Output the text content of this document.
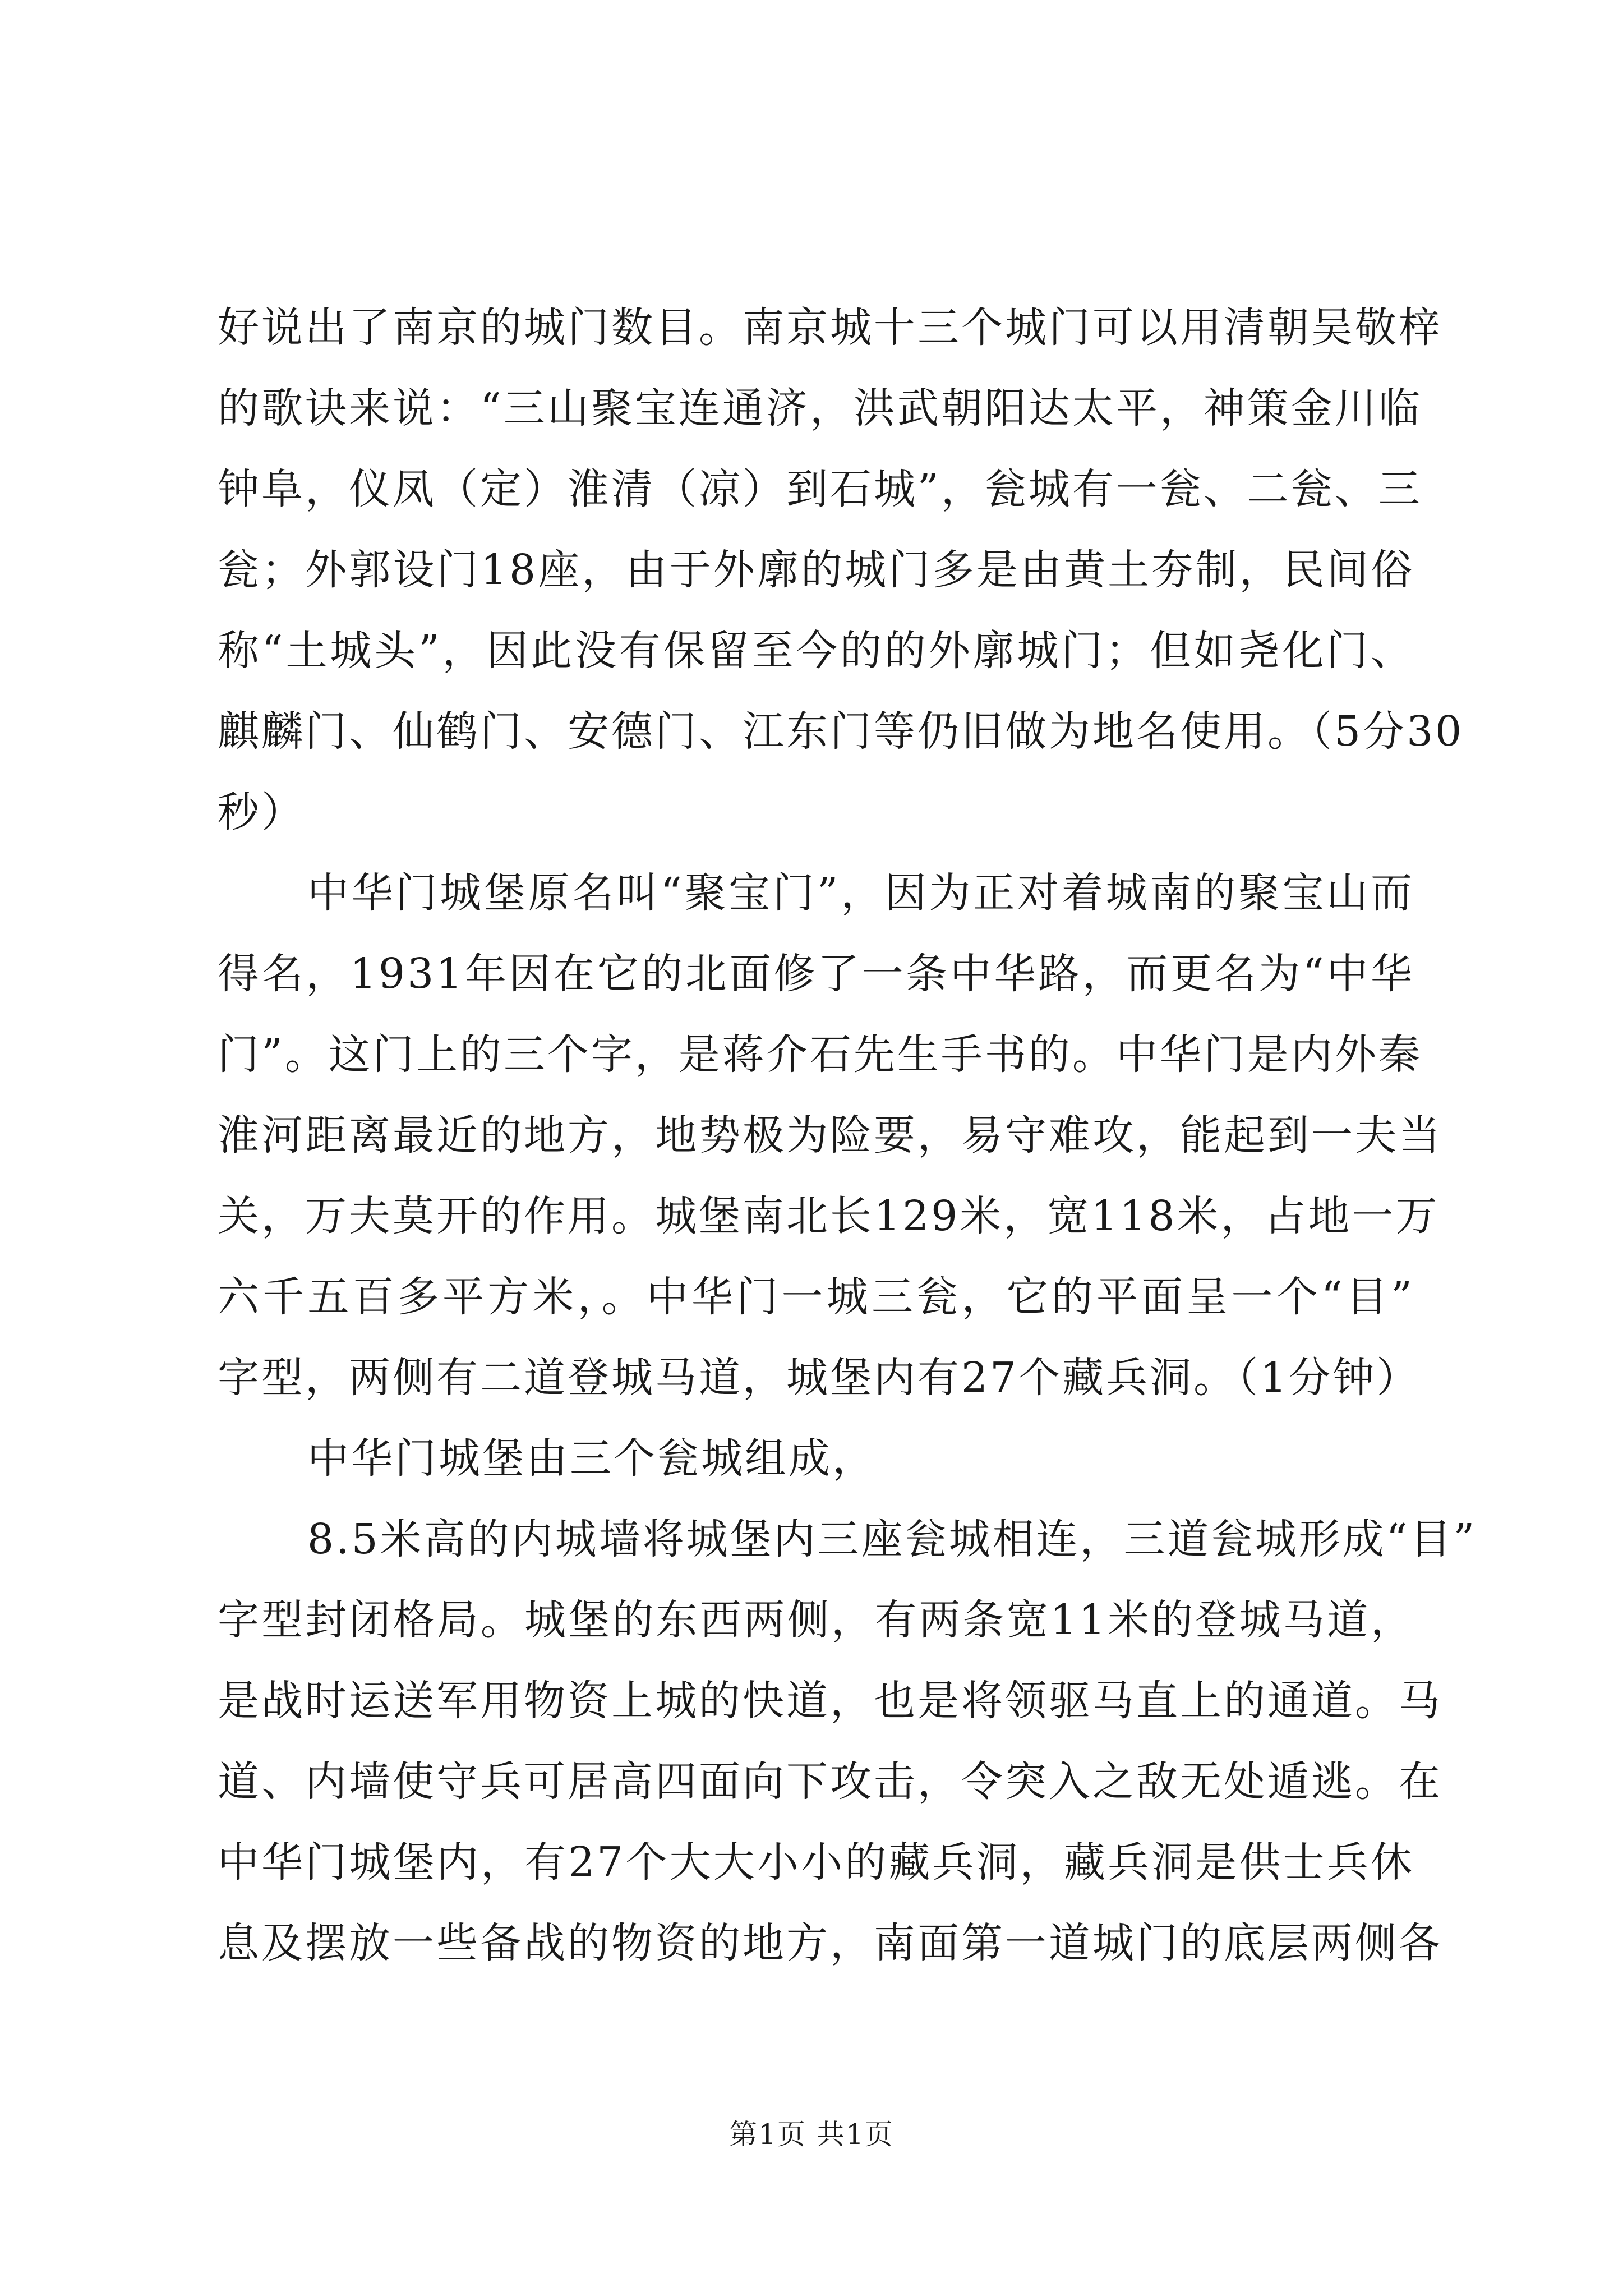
好说出了南京的城门数目。南京城十三个城门可以用清朝吴敬梓
的歌诀来说：“三山聚宝连通济，洪武朝阳达太平，神策金川临
钟阜，仪凤（定）淮清（凉）到石城”，瓮城有一瓮、二瓮、三
瓮；外郭设门18座，由于外廓的城门多是由黄土夯制，民间俗
称“土城头”，因此没有保留至今的的外廓城门；但如尧化门、
麒麟门、仙鹤门、安德门、江东门等仍旧做为地名使用。（5分30
秒）
中华门城堡原名叫“聚宝门”，因为正对着城南的聚宝山而
得名，1931年因在它的北面修了一条中华路，而更名为“中华
门”。这门上的三个字，是蒋介石先生手书的。中华门是内外秦
淮河距离最近的地方，地势极为险要，易守难攻，能起到一夫当
关，万夫莫开的作用。城堡南北长129米，宽118米，占地一万
六千五百多平方米，。中华门一城三瓮，它的平面呈一个“目”
字型，两侧有二道登城马道，城堡内有27个藏兵洞。（1分钟）
中华门城堡由三个瓮城组成，
8.5米高的内城墙将城堡内三座瓮城相连，三道瓮城形成“目”
字型封闭格局。城堡的东西两侧，有两条宽11米的登城马道，
是战时运送军用物资上城的快道，也是将领驱马直上的通道。马
道、内墙使守兵可居高四面向下攻击，令突入之敌无处遁逃。在
中华门城堡内，有27个大大小小的藏兵洞，藏兵洞是供士兵休
息及摆放一些备战的物资的地方，南面第一道城门的底层两侧各
第1页 共1页
